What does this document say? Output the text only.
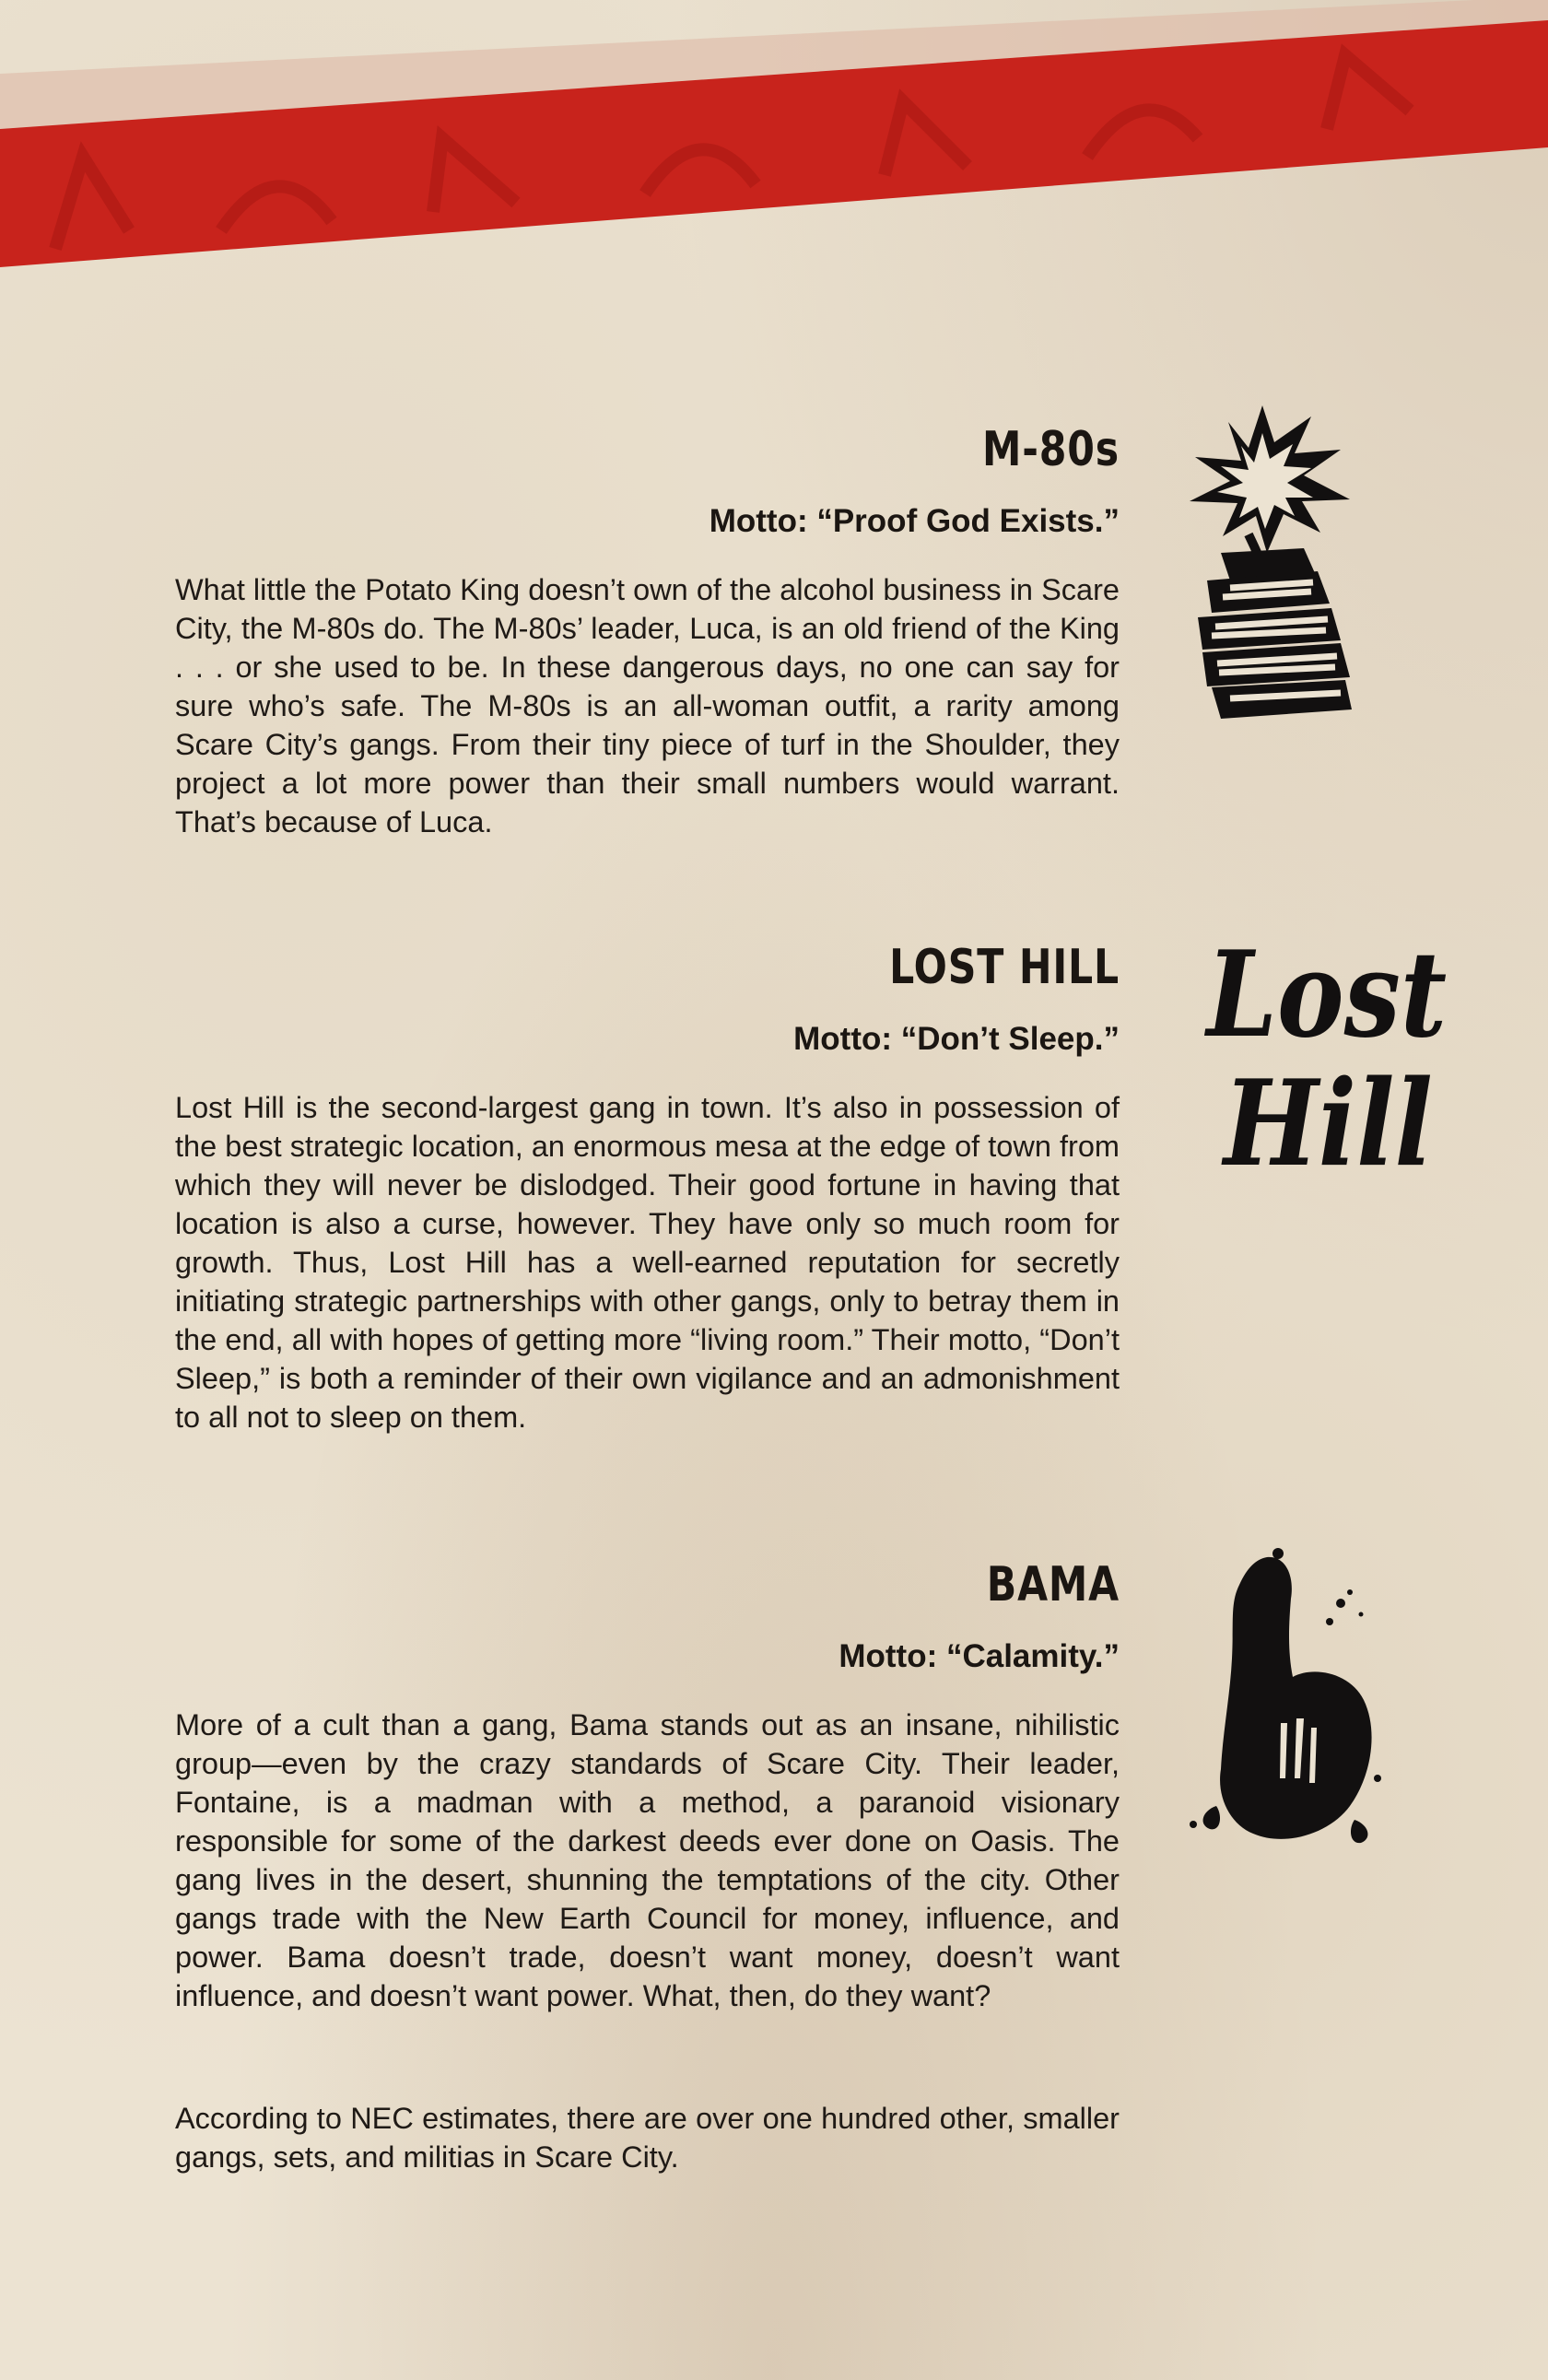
M-80s
Motto: “Proof God Exists.”
What little the Potato King doesn’t own of the alcohol business in Scare City, the M-80s do. The M-80s’ leader, Luca, is an old friend of the King . . . or she used to be. In these dangerous days, no one can say for sure who’s safe. The M-80s is an all-woman outfit, a rarity among Scare City’s gangs. From their tiny piece of turf in the Shoulder, they project a lot more power than their small numbers would warrant. That’s because of Luca.
LOST HILL
Motto: “Don’t Sleep.”
Lost Hill is the second-largest gang in town. It’s also in possession of the best strategic location, an enormous mesa at the edge of town from which they will never be dislodged. Their good fortune in having that location is also a curse, however. They have only so much room for growth. Thus, Lost Hill has a well-earned reputation for secretly initiating strategic partnerships with other gangs, only to betray them in the end, all with hopes of getting more “living room.” Their motto, “Don’t Sleep,” is both a reminder of their own vigilance and an admonishment to all not to sleep on them.
Lost
Hill
BAMA
Motto: “Calamity.”
More of a cult than a gang, Bama stands out as an insane, nihilistic group—even by the crazy standards of Scare City. Their leader, Fontaine, is a madman with a method, a paranoid visionary responsible for some of the darkest deeds ever done on Oasis. The gang lives in the desert, shunning the temptations of the city. Other gangs trade with the New Earth Council for money, influence, and power. Bama doesn’t trade, doesn’t want money, doesn’t want influence, and doesn’t want power. What, then, do they want?
According to NEC estimates, there are over one hundred other, smaller gangs, sets, and militias in Scare City.
